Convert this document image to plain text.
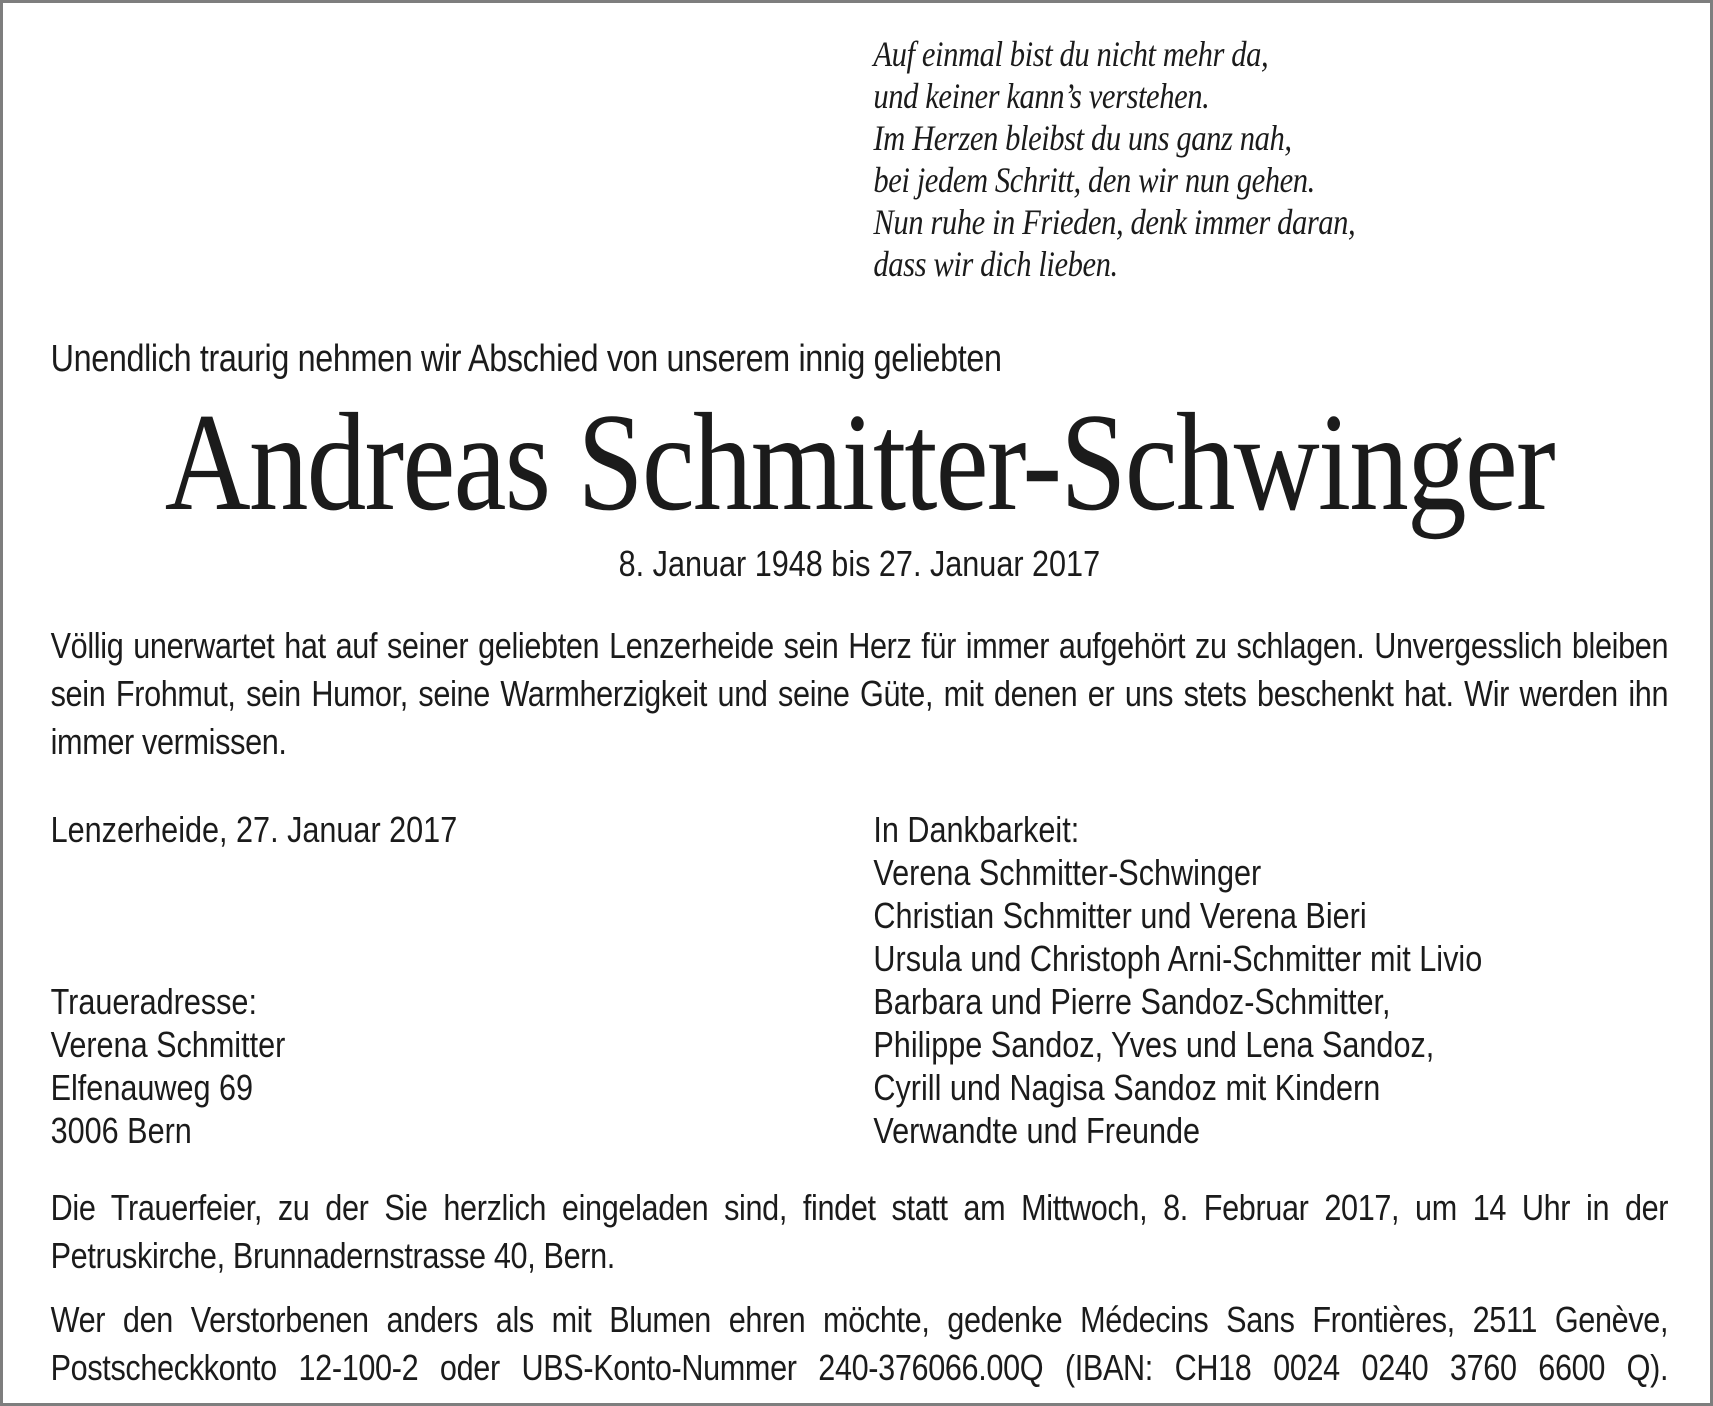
Auf einmal bist du nicht mehr da,
und keiner kann’s verstehen.
Im Herzen bleibst du uns ganz nah,
bei jedem Schritt, den wir nun gehen.
Nun ruhe in Frieden, denk immer daran,
dass wir dich lieben.
Unendlich traurig nehmen wir Abschied von unserem innig geliebten
Andreas Schmitter-Schwinger
8. Januar 1948 bis 27. Januar 2017

Völlig unerwartet hat auf seiner geliebten Lenzerheide sein Herz für immer aufgehört zu schlagen. Unvergesslich bleiben sein Frohmut, sein Humor, seine Warmherzigkeit und seine Güte, mit denen er uns stets beschenkt hat. Wir werden ihn immer vermissen.

Lenzerheide, 27. Januar 2017
Traueradresse:
Verena Schmitter
Elfenauweg 69
3006 Bern
In Dankbarkeit:
Verena Schmitter-Schwinger
Christian Schmitter und Verena Bieri
Ursula und Christoph Arni-Schmitter mit Livio
Barbara und Pierre Sandoz-Schmitter,
Philippe Sandoz, Yves und Lena Sandoz,
Cyrill und Nagisa Sandoz mit Kindern
Verwandte und Freunde

Die Trauerfeier, zu der Sie herzlich eingeladen sind, findet statt am Mittwoch, 8. Februar 2017, um 14 Uhr in der Petruskirche, Brunnadernstrasse 40, Bern.

Wer den Verstorbenen anders als mit Blumen ehren möchte, gedenke Médecins Sans Frontières, 2511 Genève, Postscheckkonto 12-100-2 oder UBS-Konto-Nummer 240-376066.00Q (IBAN: CH18 0024 0240 3760 6600 Q).
